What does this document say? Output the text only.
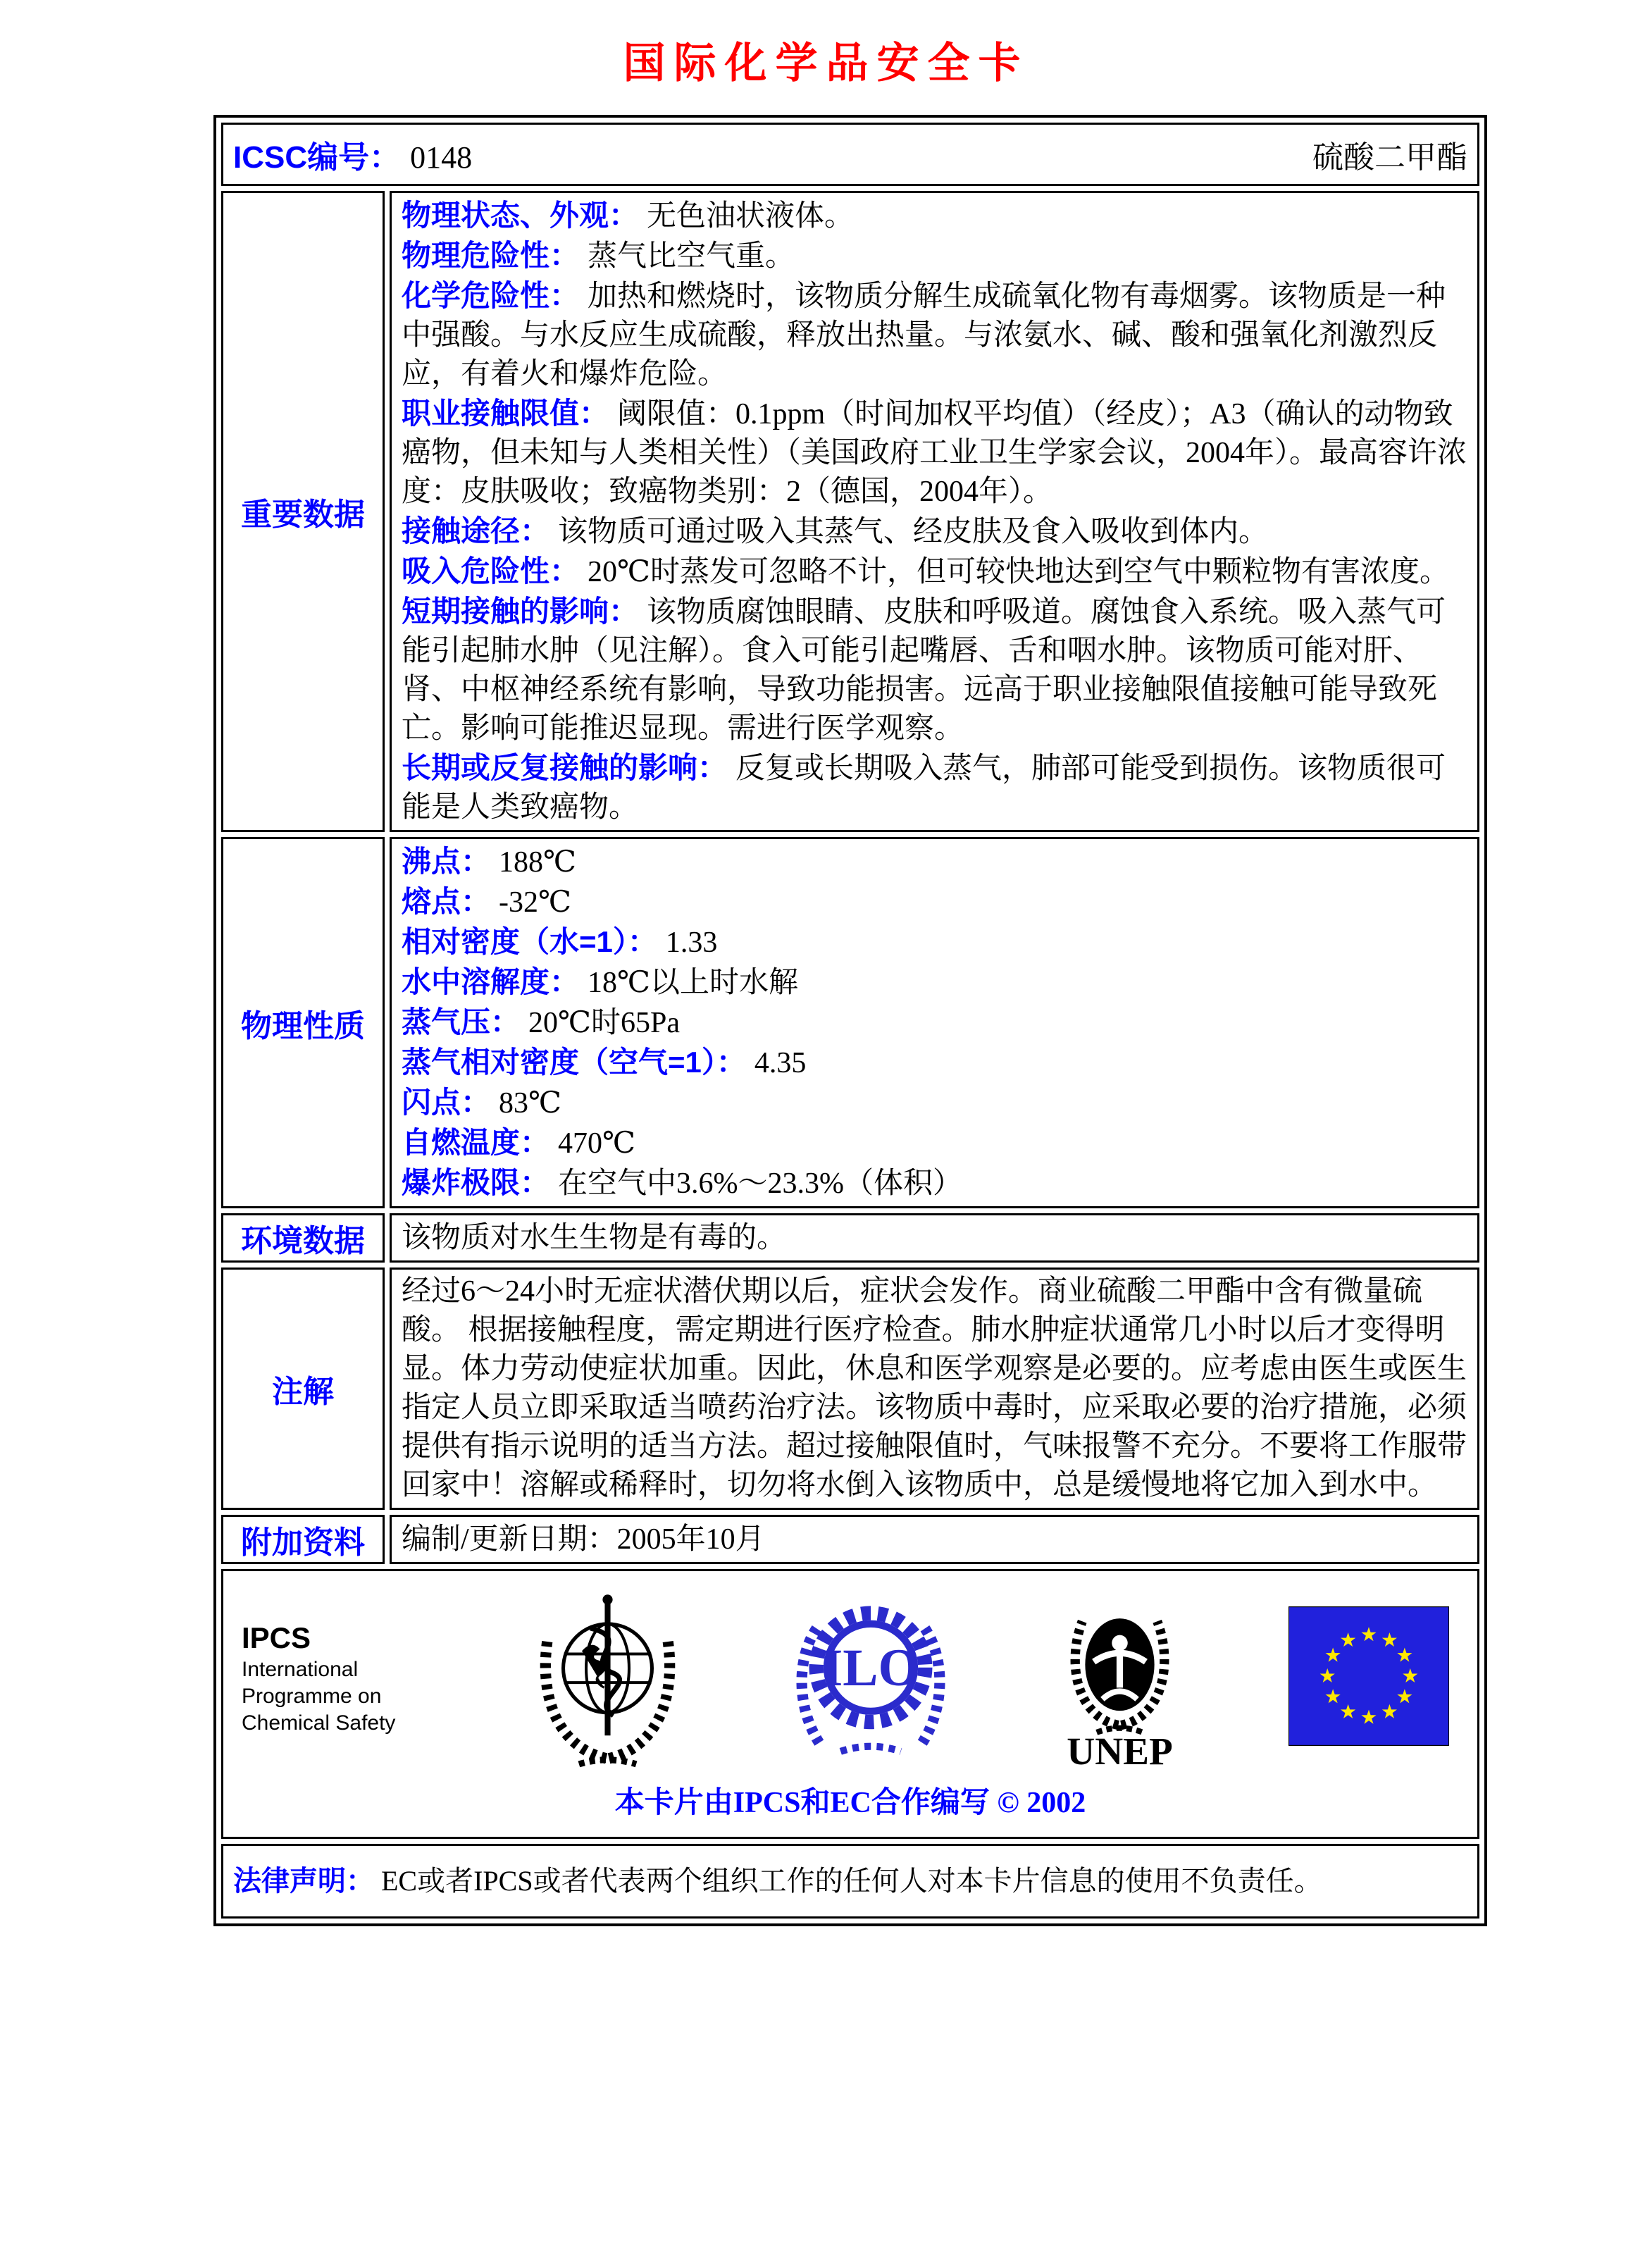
国际化学品安全卡
ICSC编号： 0148 硫酸二甲酯	

重要数据	
物理状态、外观： 无色油状液体。
物理危险性： 蒸气比空气重。
化学危险性： 加热和燃烧时，该物质分解生成硫氧化物有毒烟雾。该物质是一种中强酸。与水反应生成硫酸，释放出热量。与浓氨水、碱、酸和强氧化剂激烈反应，有着火和爆炸危险。
职业接触限值： 阈限值：0.1ppm（时间加权平均值）（经皮）；A3（确认的动物致癌物，但未知与人类相关性）（美国政府工业卫生学家会议，2004年）。最高容许浓度：皮肤吸收；致癌物类别：2（德国，2004年）。
接触途径： 该物质可通过吸入其蒸气、经皮肤及食入吸收到体内。
吸入危险性： 20℃时蒸发可忽略不计，但可较快地达到空气中颗粒物有害浓度。
短期接触的影响： 该物质腐蚀眼睛、皮肤和呼吸道。腐蚀食入系统。吸入蒸气可能引起肺水肿（见注解）。食入可能引起嘴唇、舌和咽水肿。该物质可能对肝、肾、中枢神经系统有影响，导致功能损害。远高于职业接触限值接触可能导致死亡。影响可能推迟显现。需进行医学观察。
长期或反复接触的影响： 反复或长期吸入蒸气，肺部可能受到损伤。该物质很可能是人类致癌物。

物理性质	
沸点： 188℃
熔点： -32℃
相对密度（水=1）： 1.33
水中溶解度： 18℃以上时水解
蒸气压： 20℃时65Pa
蒸气相对密度（空气=1）： 4.35
闪点： 83℃
自燃温度： 470℃
爆炸极限： 在空气中3.6%～23.3%（体积）

环境数据	该物质对水生生物是有毒的。
注解	经过6～24小时无症状潜伏期以后，症状会发作。商业硫酸二甲酯中含有微量硫酸。 根据接触程度，需定期进行医疗检查。肺水肿症状通常几小时以后才变得明显。体力劳动使症状加重。因此，休息和医学观察是必要的。应考虑由医生或医生指定人员立即采取适当喷药治疗法。该物质中毒时，应采取必要的治疗措施，必须提供有指示说明的适当方法。超过接触限值时，气味报警不充分。不要将工作服带回家中！溶解或稀释时，切勿将水倒入该物质中，总是缓慢地将它加入到水中。
附加资料	编制/更新日期：2005年10月

IPCS
International
Programme on
Chemical Safety
ILO
UNEP
本卡片由IPCS和EC合作编写 © 2002

法律声明： EC或者IPCS或者代表两个组织工作的任何人对本卡片信息的使用不负责任。	
